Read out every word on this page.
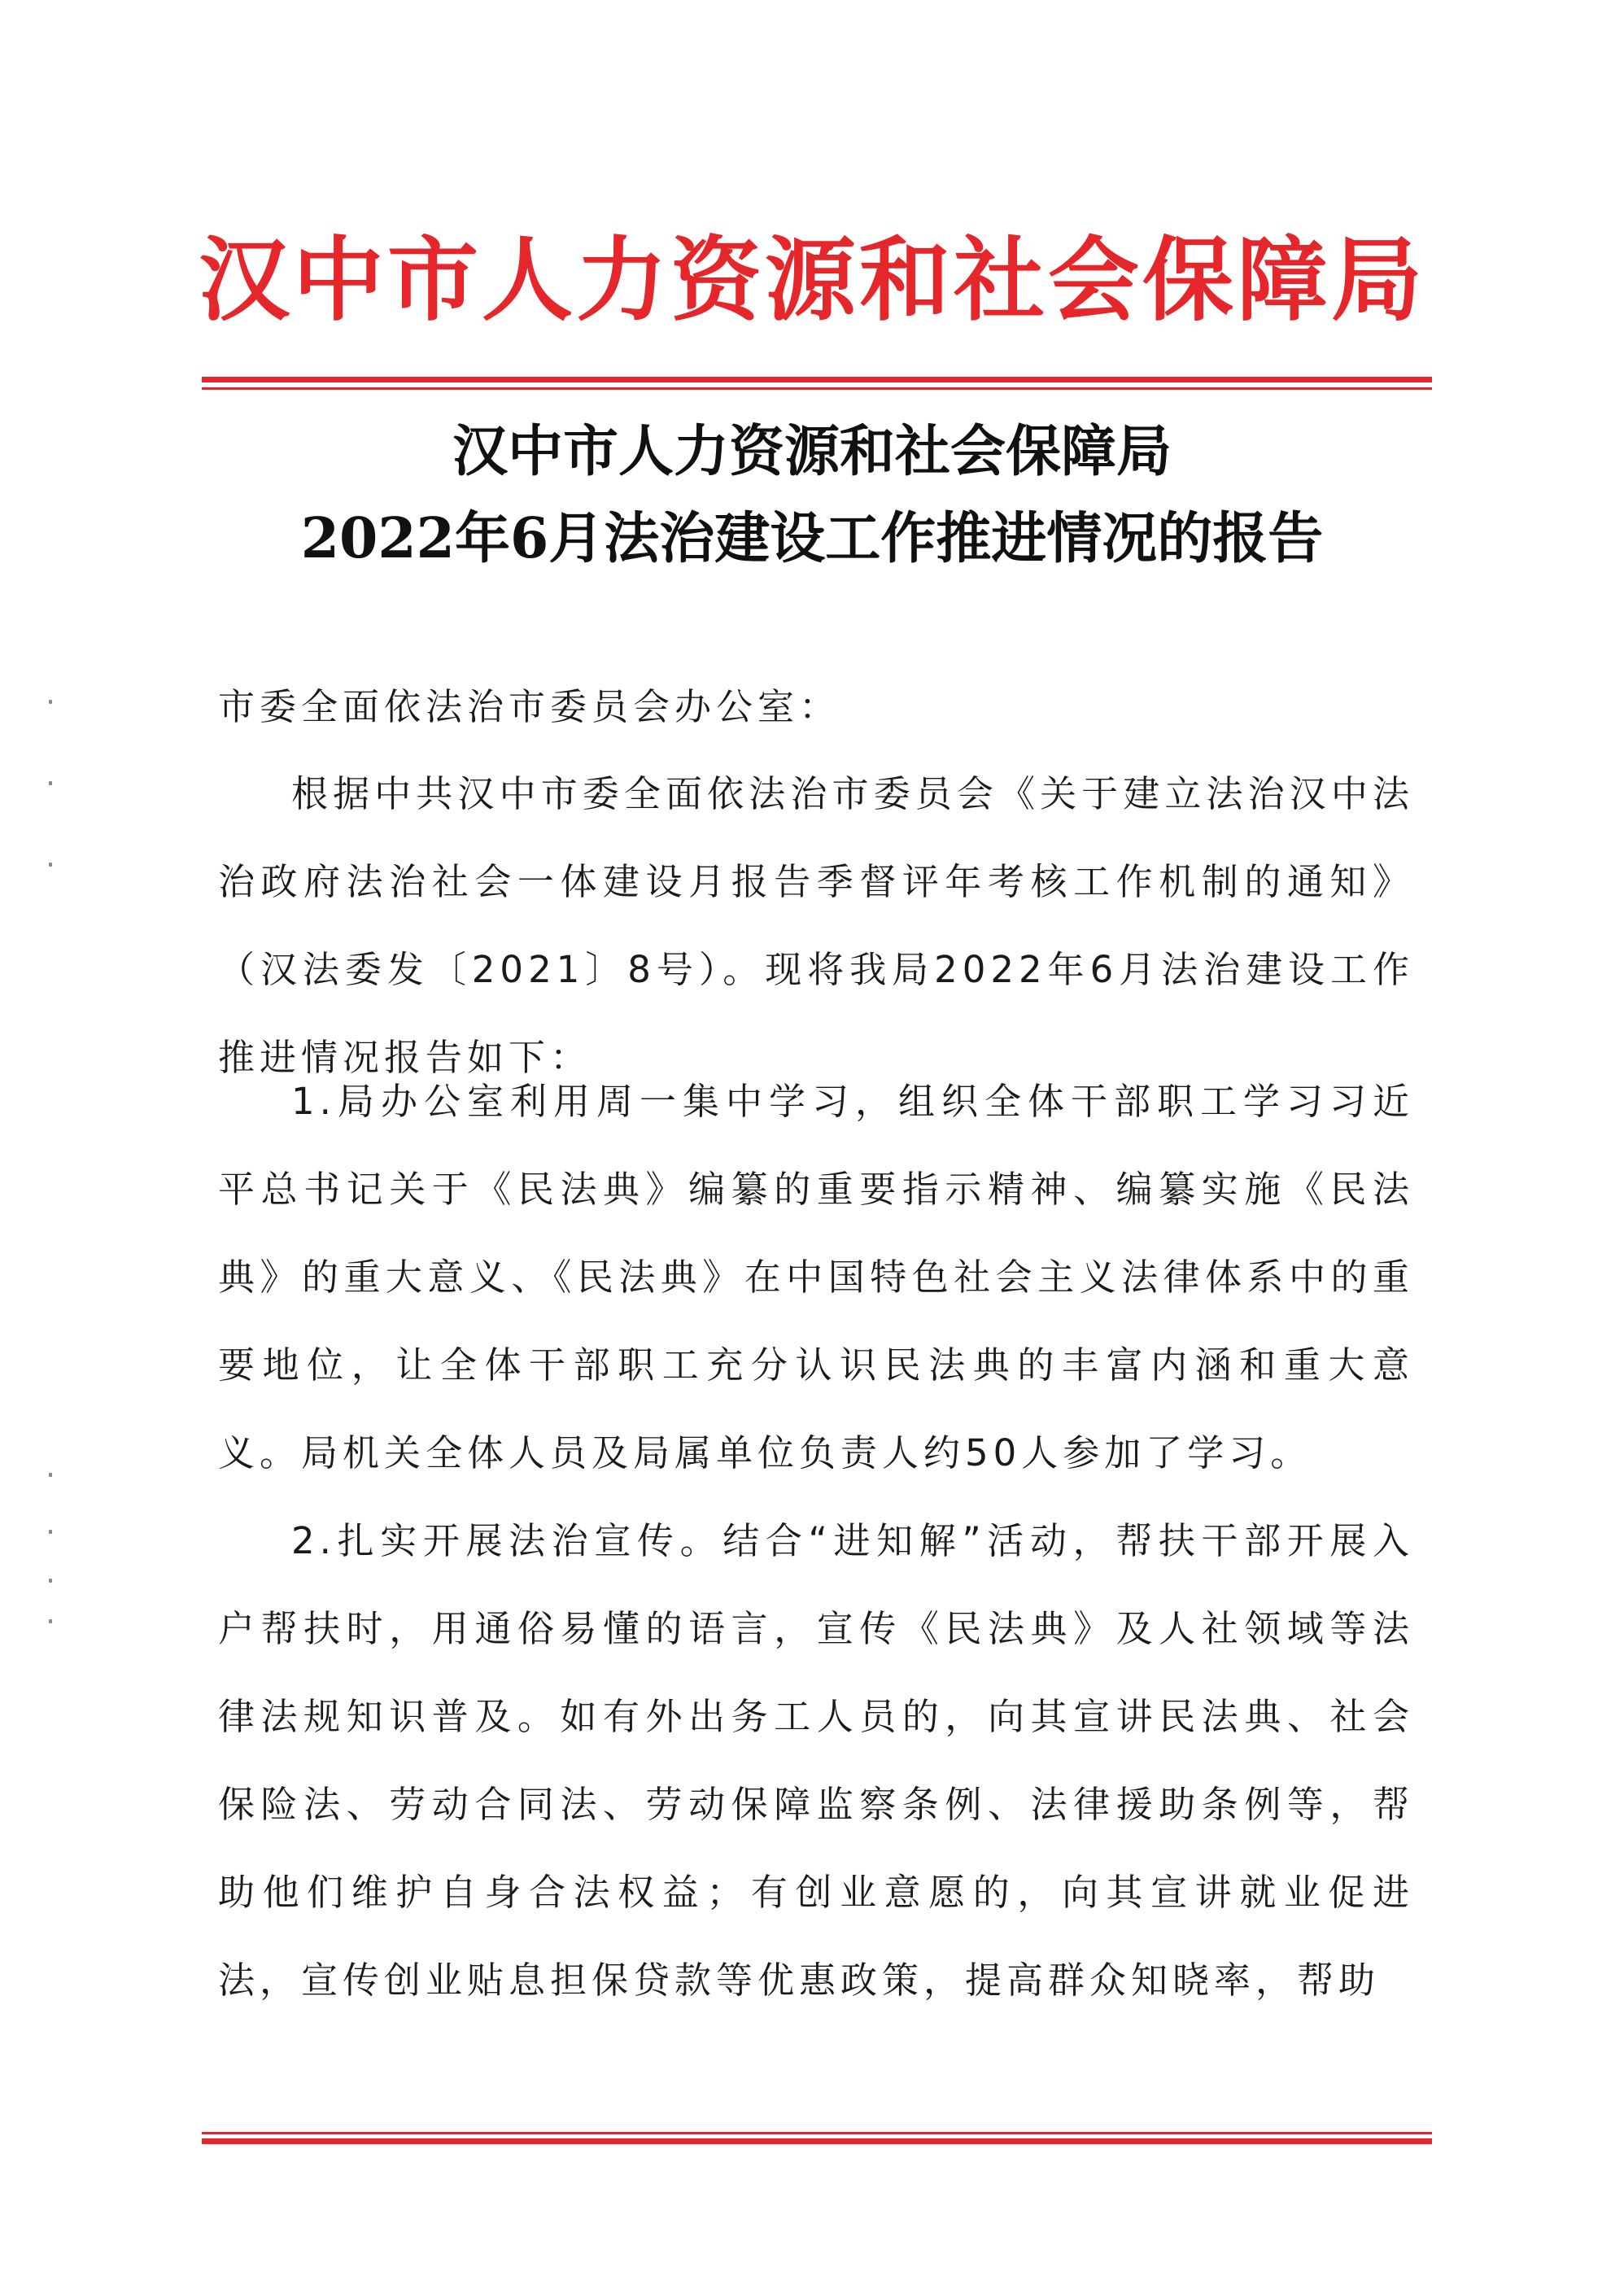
汉中市人力资源和社会保障局
汉中市人力资源和社会保障局
2022年6月法治建设工作推进情况的报告
市委全面依法治市委员会办公室：
根据中共汉中市委全面依法治市委员会《关于建立法治汉中法治政府法治社会一体建设月报告季督评年考核工作机制的通知》（汉法委发〔2021〕8号）。现将我局2022年6月法治建设工作推进情况报告如下：
1.局办公室利用周一集中学习，组织全体干部职工学习习近平总书记关于《民法典》编纂的重要指示精神、编纂实施《民法典》的重大意义、《民法典》在中国特色社会主义法律体系中的重要地位，让全体干部职工充分认识民法典的丰富内涵和重大意义。局机关全体人员及局属单位负责人约50人参加了学习。
2.扎实开展法治宣传。结合“进知解”活动，帮扶干部开展入户帮扶时，用通俗易懂的语言，宣传《民法典》及人社领域等法律法规知识普及。如有外出务工人员的，向其宣讲民法典、社会保险法、劳动合同法、劳动保障监察条例、法律援助条例等，帮助他们维护自身合法权益；有创业意愿的，向其宣讲就业促进法，宣传创业贴息担保贷款等优惠政策，提高群众知晓率，帮助
